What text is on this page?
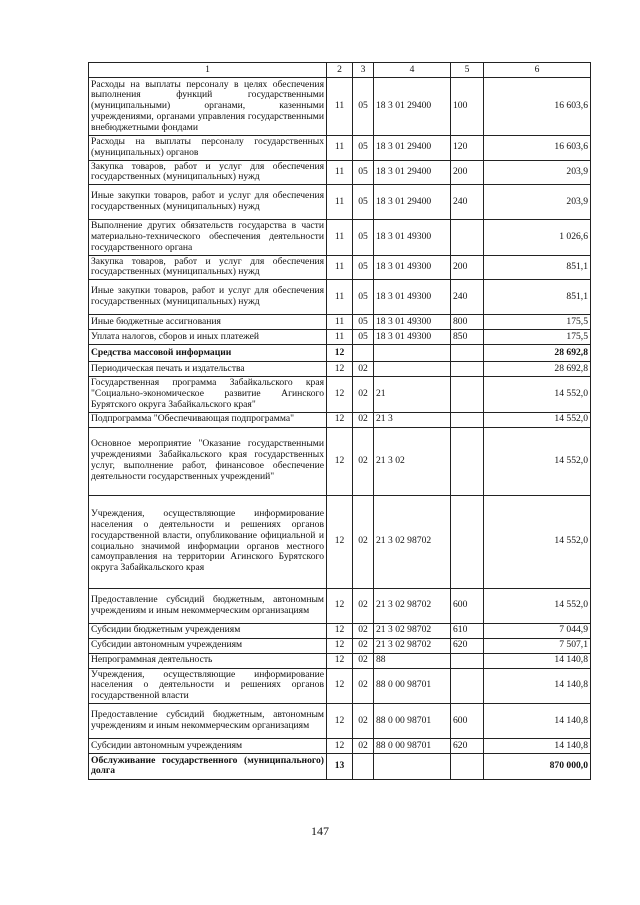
1	2	3	4	5	6
Расходы на выплаты персоналу в целях обеспечения выполнения функций государственными (муниципальными) органами, казенными учреждениями, органами управления государственными внебюджетными фондами	11	05	18 3 01 29400	100	16 603,6
Расходы на выплаты персоналу государственных (муниципальных) органов	11	05	18 3 01 29400	120	16 603,6
Закупка товаров, работ и услуг для обеспечения государственных (муниципальных) нужд	11	05	18 3 01 29400	200	203,9
Иные закупки товаров, работ и услуг для обеспечения государственных (муниципальных) нужд	11	05	18 3 01 29400	240	203,9
Выполнение других обязательств государства в части материально-технического обеспечения деятельности государственного органа	11	05	18 3 01 49300		1 026,6
Закупка товаров, работ и услуг для обеспечения государственных (муниципальных) нужд	11	05	18 3 01 49300	200	851,1
Иные закупки товаров, работ и услуг для обеспечения государственных (муниципальных) нужд	11	05	18 3 01 49300	240	851,1
Иные бюджетные ассигнования	11	05	18 3 01 49300	800	175,5
Уплата налогов, сборов и иных платежей	11	05	18 3 01 49300	850	175,5
Средства массовой информации	12				28 692,8
Периодическая печать и издательства	12	02			28 692,8
Государственная программа Забайкальского края "Социально-экономическое развитие Агинского Бурятского округа Забайкальского края"	12	02	21		14 552,0
Подпрограмма "Обеспечивающая подпрограмма"	12	02	21 3		14 552,0
Основное мероприятие "Оказание государственными учреждениями Забайкальского края государственных услуг, выполнение работ, финансовое обеспечение деятельности государственных учреждений"	12	02	21 3 02		14 552,0
Учреждения, осуществляющие информирование населения о деятельности и решениях органов государственной власти, опубликование официальной и социально значимой информации органов местного самоуправления на территории Агинского Бурятского округа Забайкальского края	12	02	21 3 02 98702		14 552,0
Предоставление субсидий бюджетным, автономным учреждениям и иным некоммерческим организациям	12	02	21 3 02 98702	600	14 552,0
Субсидии бюджетным учреждениям	12	02	21 3 02 98702	610	7 044,9
Субсидии автономным учреждениям	12	02	21 3 02 98702	620	7 507,1
Непрограммная деятельность	12	02	88		14 140,8
Учреждения, осуществляющие информирование населения о деятельности и решениях органов государственной власти	12	02	88 0 00 98701		14 140,8
Предоставление субсидий бюджетным, автономным учреждениям и иным некоммерческим организациям	12	02	88 0 00 98701	600	14 140,8
Субсидии автономным учреждениям	12	02	88 0 00 98701	620	14 140,8
Обслуживание государственного (муниципального) долга	13				870 000,0
147
